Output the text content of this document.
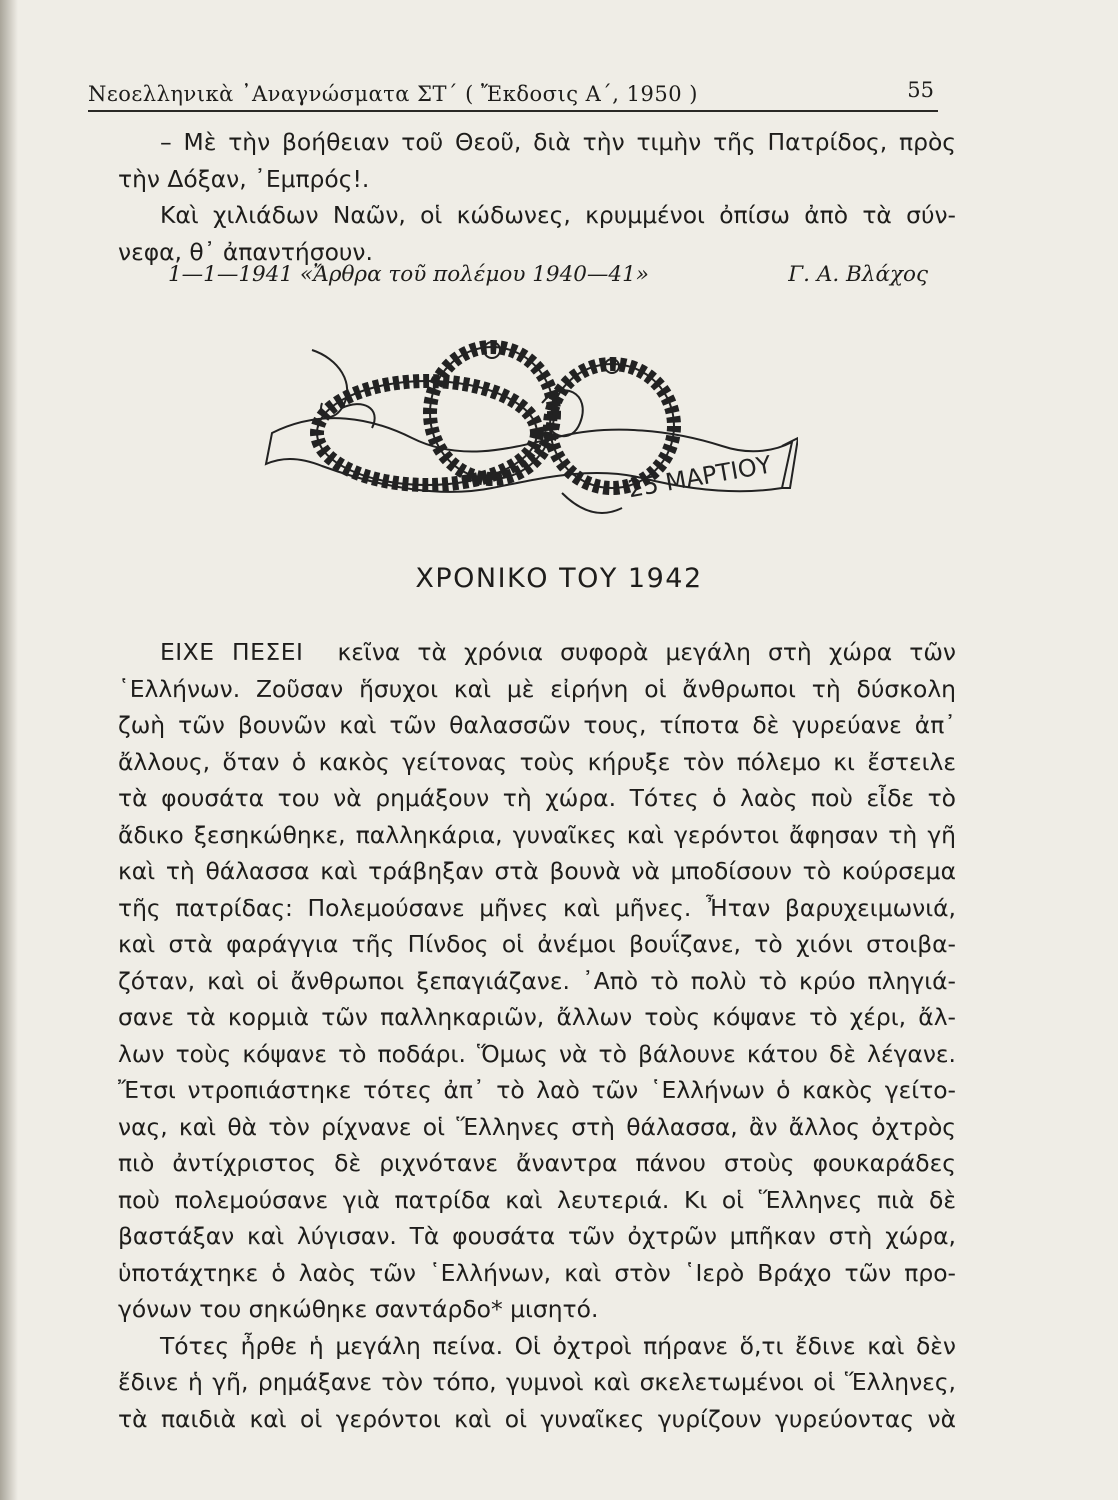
Νεοελληνικὰ ᾽Αναγνώσματα ΣΤ΄ ( Ἔκδοσις Α΄, 1950 )	55

– Μὲ τὴν βοήθειαν τοῦ Θεοῦ, διὰ τὴν τιμὴν τῆς Πατρίδος, πρὸς

τὴν Δόξαν, ᾽Εμπρός!.

Καὶ χιλιάδων Ναῶν, οἱ κώδωνες, κρυμμένοι ὀπίσω ἀπὸ τὰ σύν-

νεφα, θ᾽ ἀπαντήσουν.

1—1—1941 «Ἄρθρα τοῦ πολέμου 1940—41»	Γ. Α. Βλάχος
25 ΜΑΡΤΙΟΥ
ΧΡΟΝΙΚΟ ΤΟΥ 1942

ΕΙΧΕ ΠΕΣΕΙ κεῖνα τὰ χρόνια συφορὰ μεγάλη στὴ χώρα τῶν

῾Ελλήνων. Ζοῦσαν ἥσυχοι καὶ μὲ εἰρήνη οἱ ἄνθρωποι τὴ δύσκολη

ζωὴ τῶν βουνῶν καὶ τῶν θαλασσῶν τους, τίποτα δὲ γυρεύανε ἀπ᾽

ἄλλους, ὅταν ὁ κακὸς γείτονας τοὺς κήρυξε τὸν πόλεμο κι ἔστειλε

τὰ φουσάτα του νὰ ρημάξουν τὴ χώρα. Τότες ὁ λαὸς ποὺ εἶδε τὸ

ἄδικο ξεσηκώθηκε, παλληκάρια, γυναῖκες καὶ γερόντοι ἄφησαν τὴ γῆ

καὶ τὴ θάλασσα καὶ τράβηξαν στὰ βουνὰ νὰ μποδίσουν τὸ κούρσεμα

τῆς πατρίδας: Πολεμούσανε μῆνες καὶ μῆνες. Ἦταν βαρυχειμωνιά,

καὶ στὰ φαράγγια τῆς Πίνδος οἱ ἀνέμοι βουΐζανε, τὸ χιόνι στοιβα-

ζόταν, καὶ οἱ ἄνθρωποι ξεπαγιάζανε. ᾽Απὸ τὸ πολὺ τὸ κρύο πληγιά-

σανε τὰ κορμιὰ τῶν παλληκαριῶν, ἄλλων τοὺς κόψανε τὸ χέρι, ἄλ-

λων τοὺς κόψανε τὸ ποδάρι. Ὅμως νὰ τὸ βάλουνε κάτου δὲ λέγανε.

Ἔτσι ντροπιάστηκε τότες ἀπ᾽ τὸ λαὸ τῶν ῾Ελλήνων ὁ κακὸς γείτο-

νας, καὶ θὰ τὸν ρίχνανε οἱ Ἕλληνες στὴ θάλασσα, ἂν ἄλλος ὀχτρὸς

πιὸ ἀντίχριστος δὲ ριχνότανε ἄναντρα πάνου στοὺς φουκαράδες

ποὺ πολεμούσανε γιὰ πατρίδα καὶ λευτεριά. Κι οἱ Ἕλληνες πιὰ δὲ

βαστάξαν καὶ λύγισαν. Τὰ φουσάτα τῶν ὀχτρῶν μπῆκαν στὴ χώρα,

ὑποτάχτηκε ὁ λαὸς τῶν ῾Ελλήνων, καὶ στὸν ῾Ιερὸ Βράχο τῶν προ-

γόνων του σηκώθηκε σαντάρδο* μισητό.

Τότες ἦρθε ἡ μεγάλη πείνα. Οἱ ὀχτροὶ πήρανε ὅ,τι ἔδινε καὶ δὲν

ἔδινε ἡ γῆ, ρημάξανε τὸν τόπο, γυμνοὶ καὶ σκελετωμένοι οἱ Ἕλληνες,

τὰ παιδιὰ καὶ οἱ γερόντοι καὶ οἱ γυναῖκες γυρίζουν γυρεύοντας νὰ
